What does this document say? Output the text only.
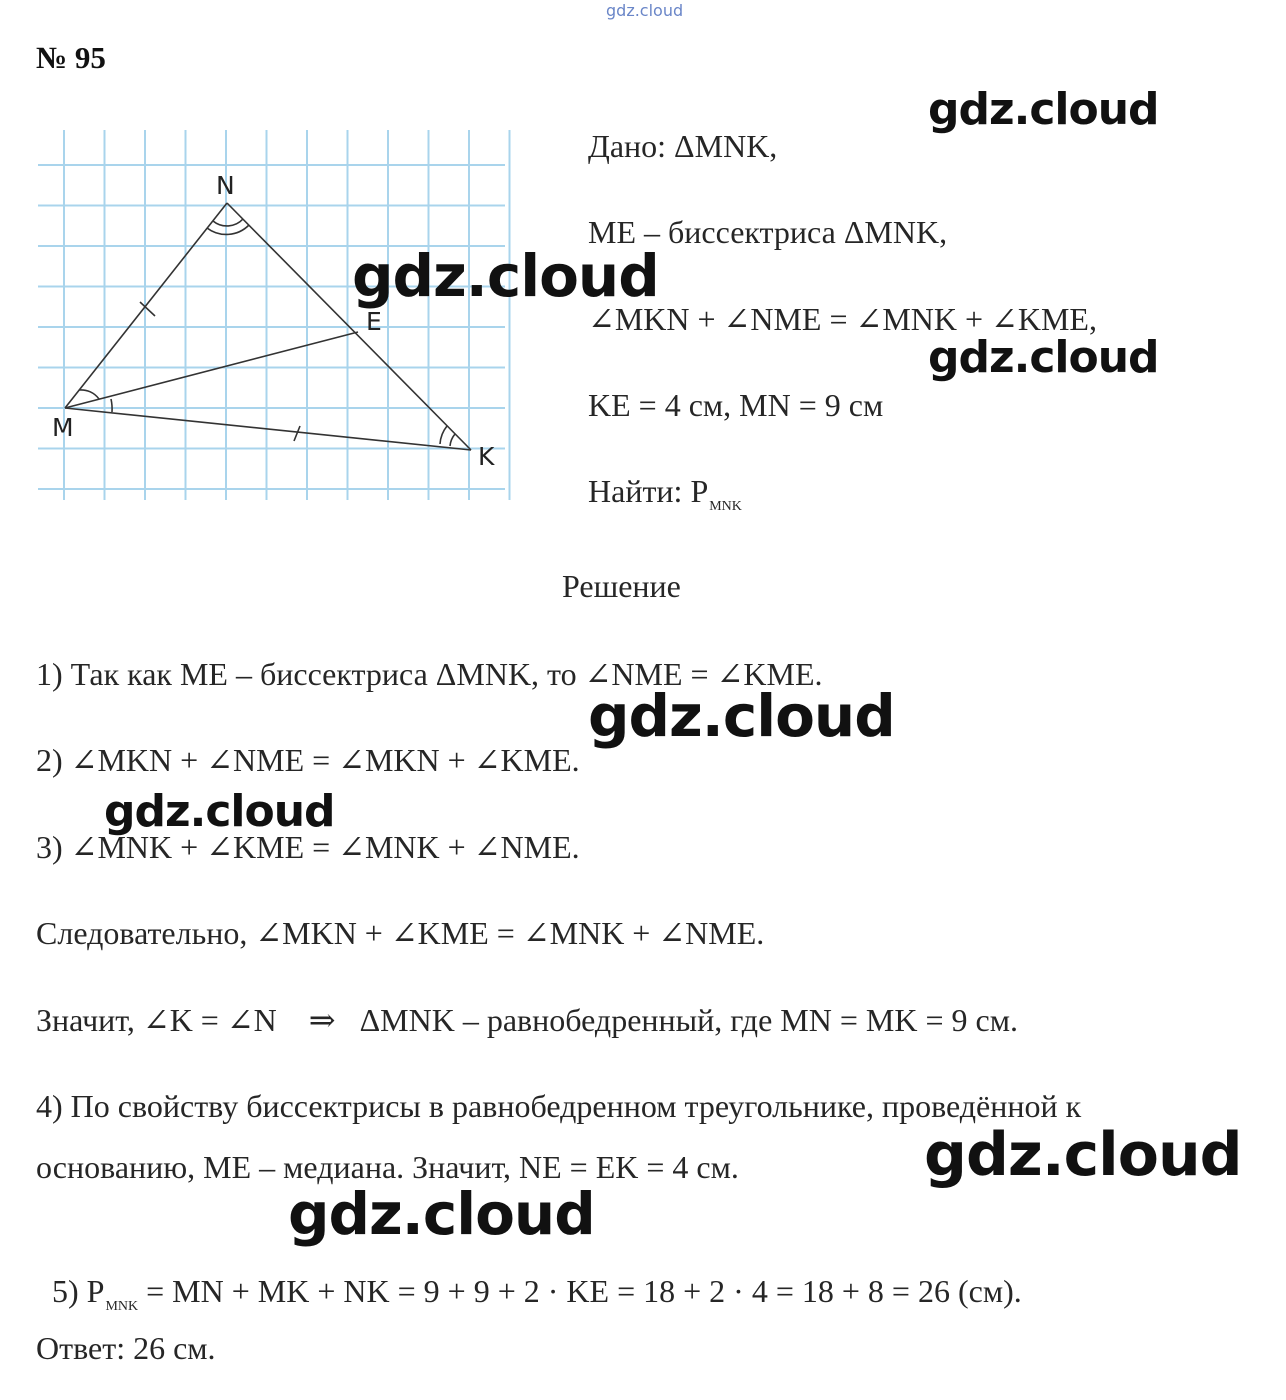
gdz.cloud
№ 95
N
M
K
E
Дано: ΔMNK,
ME – биссектриса ΔMNK,
∠MKN + ∠NME = ∠MNK + ∠KME,
KE = 4 см, MN = 9 см
Найти: $P_{MNK}$
Решение
1) Так как ME – биссектриса ΔMNK, то ∠NME = ∠KME.
2) ∠MKN + ∠NME = ∠MKN + ∠KME.
3) ∠MNK + ∠KME = ∠MNK + ∠NME.
Следовательно, ∠MKN + ∠KME = ∠MNK + ∠NME.
Значит, ∠K = ∠N    ⇒   ΔMNK – равнобедренный, где MN = MK = 9 см.
4) По свойству биссектрисы в равнобедренном треугольнике, проведённой к
основанию, ME – медиана. Значит, NE = EK = 4 см.

5) $P_{MNK}$ = MN + MK + NK = 9 + 9 + 2 · KE = 18 + 2 · 4 = 18 + 8 = 26 (см).

Ответ: 26 см.
gdz.cloud
gdz.cloud
gdz.cloud
gdz.cloud
gdz.cloud
gdz.cloud
gdz.cloud
